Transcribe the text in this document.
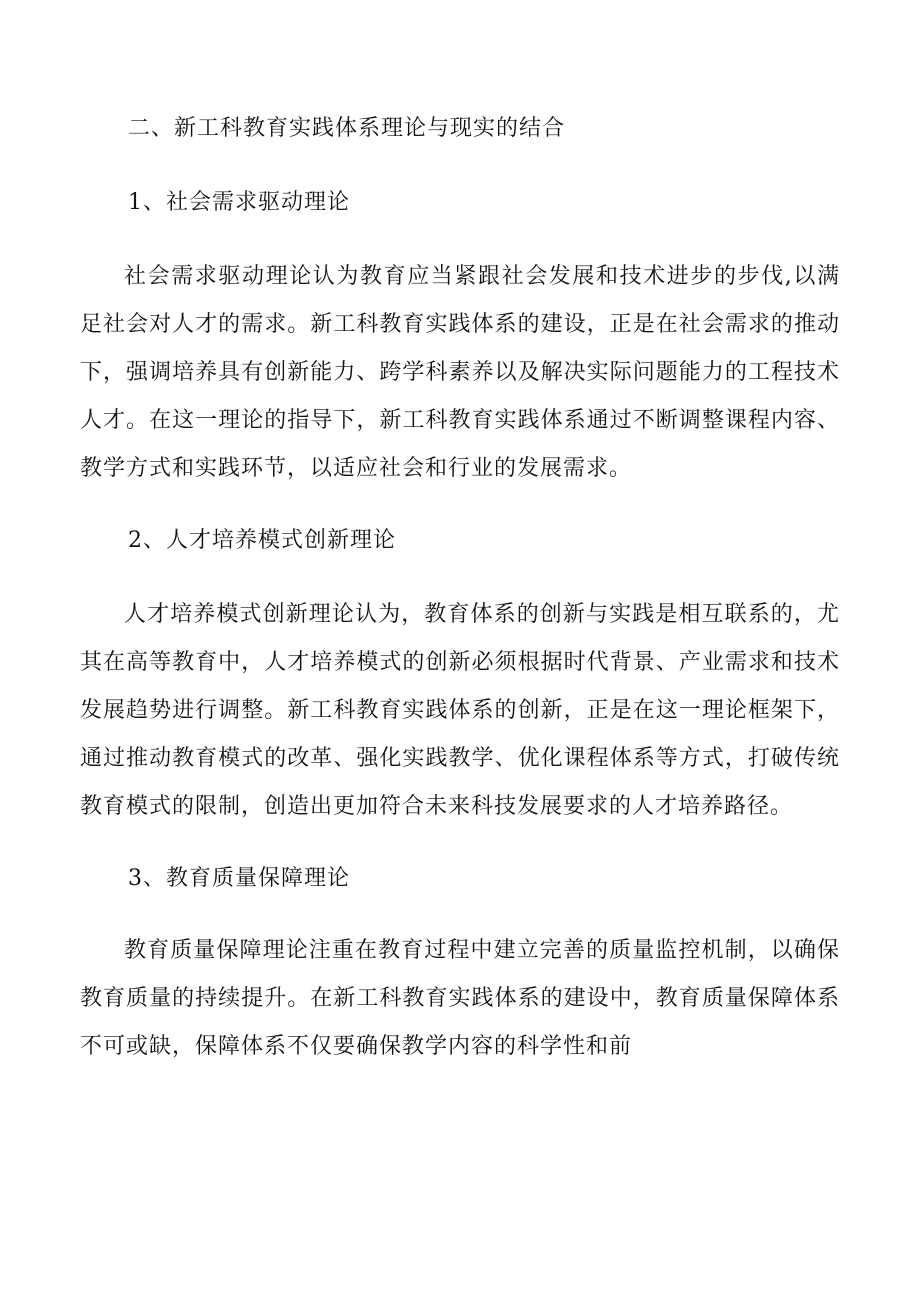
二、新工科教育实践体系理论与现实的结合

1、社会需求驱动理论

社会需求驱动理论认为教育应当紧跟社会发展和技术进步的步伐,以满足社会对人才的需求。新工科教育实践体系的建设，正是在社会需求的推动下，强调培养具有创新能力、跨学科素养以及解决实际问题能力的工程技术人才。在这一理论的指导下，新工科教育实践体系通过不断调整课程内容、教学方式和实践环节，以适应社会和行业的发展需求。

2、人才培养模式创新理论

人才培养模式创新理论认为，教育体系的创新与实践是相互联系的，尤其在高等教育中，人才培养模式的创新必须根据时代背景、产业需求和技术发展趋势进行调整。新工科教育实践体系的创新，正是在这一理论框架下，通过推动教育模式的改革、强化实践教学、优化课程体系等方式，打破传统教育模式的限制，创造出更加符合未来科技发展要求的人才培养路径。

3、教育质量保障理论

教育质量保障理论注重在教育过程中建立完善的质量监控机制，以确保教育质量的持续提升。在新工科教育实践体系的建设中，教育质量保障体系不可或缺，保障体系不仅要确保教学内容的科学性和前
